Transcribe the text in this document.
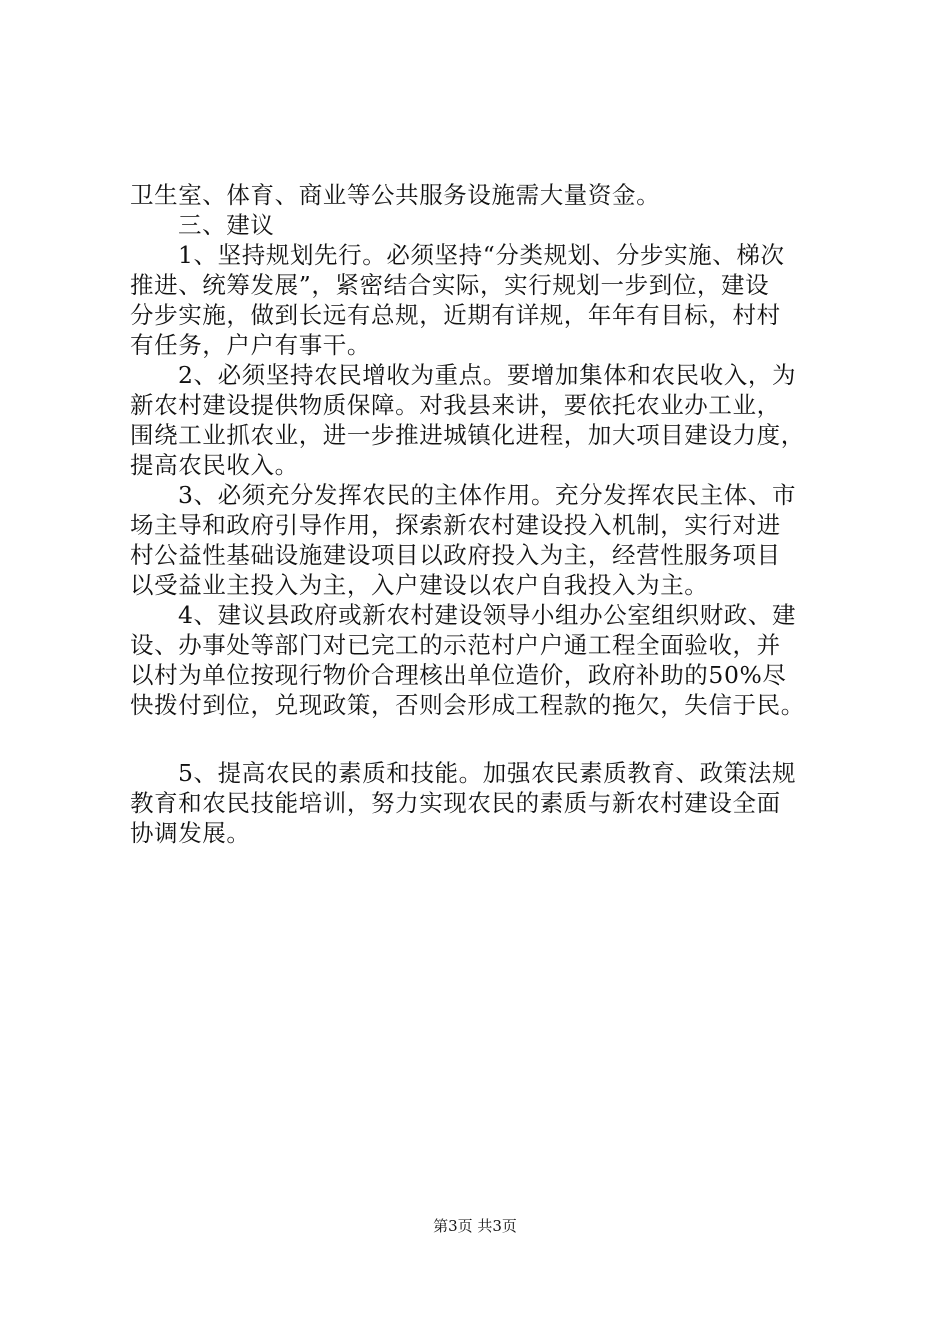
卫生室、体育、商业等公共服务设施需大量资金。
三、建议
1、坚持规划先行。必须坚持“分类规划、分步实施、梯次
推进、统筹发展”，紧密结合实际，实行规划一步到位，建设
分步实施，做到长远有总规，近期有详规，年年有目标，村村
有任务，户户有事干。
2、必须坚持农民增收为重点。要增加集体和农民收入，为
新农村建设提供物质保障。对我县来讲，要依托农业办工业，
围绕工业抓农业，进一步推进城镇化进程，加大项目建设力度，
提高农民收入。
3、必须充分发挥农民的主体作用。充分发挥农民主体、市
场主导和政府引导作用，探索新农村建设投入机制，实行对进
村公益性基础设施建设项目以政府投入为主，经营性服务项目
以受益业主投入为主，入户建设以农户自我投入为主。
4、建议县政府或新农村建设领导小组办公室组织财政、建
设、办事处等部门对已完工的示范村户户通工程全面验收，并
以村为单位按现行物价合理核出单位造价，政府补助的50%尽
快拨付到位，兑现政策，否则会形成工程款的拖欠，失信于民。
5、提高农民的素质和技能。加强农民素质教育、政策法规
教育和农民技能培训，努力实现农民的素质与新农村建设全面
协调发展。
第3页 共3页
